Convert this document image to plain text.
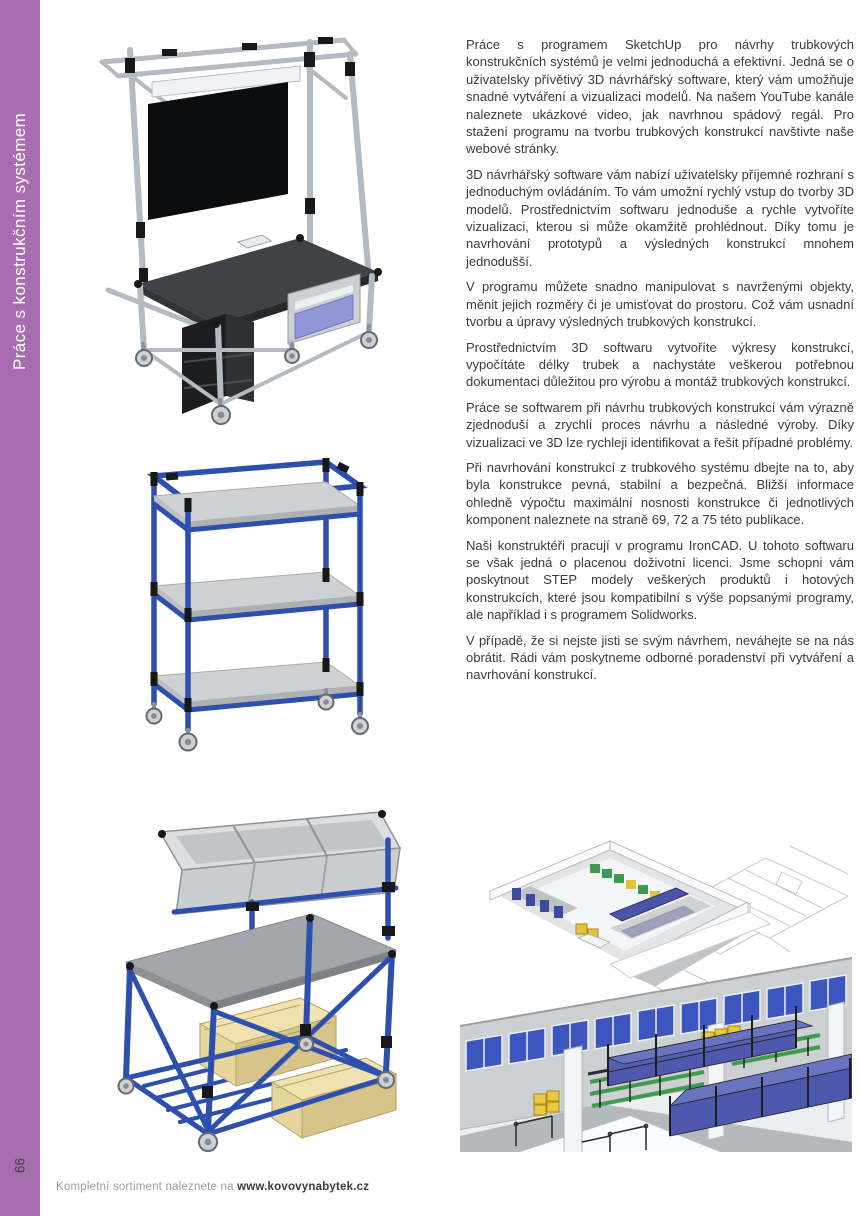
Práce s konstrukčním systémem
66

Práce s programem SketchUp pro návrhy trubkových konstrukčních systémů je velmi jednoduchá a efektivní. Jedná se o uživatelsky přívětivý 3D návrhářský software, který vám umožňuje snadné vytváření a vizualizaci modelů. Na našem YouTube kanále naleznete ukázkové video, jak navrhnou spádový regál. Pro stažení programu na tvorbu trubkových konstrukcí navštivte naše webové stránky.

3D návrhářský software vám nabízí uživatelsky příjemné rozhraní s jednoduchým ovládáním. To vám umožní rychlý vstup do tvorby 3D modelů. Prostřednictvím softwaru jednoduše a rychle vytvoříte vizualizaci, kterou si může okamžitě prohlédnout. Díky tomu je navrhování prototypů a výsledných konstrukcí mnohem jednodušší.

V programu můžete snadno manipulovat s navrženými objekty, měnit jejich rozměry či je umisťovat do prostoru. Což vám usnadní tvorbu a úpravy výsledných trubkových konstrukcí.

Prostřednictvím 3D softwaru vytvoříte výkresy konstrukcí, vypočítáte délky trubek a nachystáte veškerou potřebnou dokumentaci důležitou pro výrobu a montáž trubkových konstrukcí.

Práce se softwarem při návrhu trubkových konstrukcí vám výrazně zjednoduší a zrychlí proces návrhu a následné výroby. Díky vizualizaci ve 3D lze rychleji identifikovat a řešit případné problémy.

Při navrhování konstrukcí z trubkového systému dbejte na to, aby byla konstrukce pevná, stabilní a bezpečná. Bližší informace ohledně výpočtu maximální nosnosti konstrukce či jednotlivých komponent naleznete na straně 69, 72 a 75 této publikace.

Naši konstruktéři pracují v programu IronCAD. U tohoto softwaru se však jedná o placenou doživotní licenci. Jsme schopni vám poskytnout STEP modely veškerých produktů i hotových konstrukcích, které jsou kompatibilní s výše popsanými programy, ale například i s programem Solidworks.

V případě, že si nejste jisti se svým návrhem, neváhejte se na nás obrátit. Rádi vám poskytneme odborné poradenství při vytváření a navrhování konstrukcí.

Kompletní sortiment naleznete na www.kovovynabytek.cz
